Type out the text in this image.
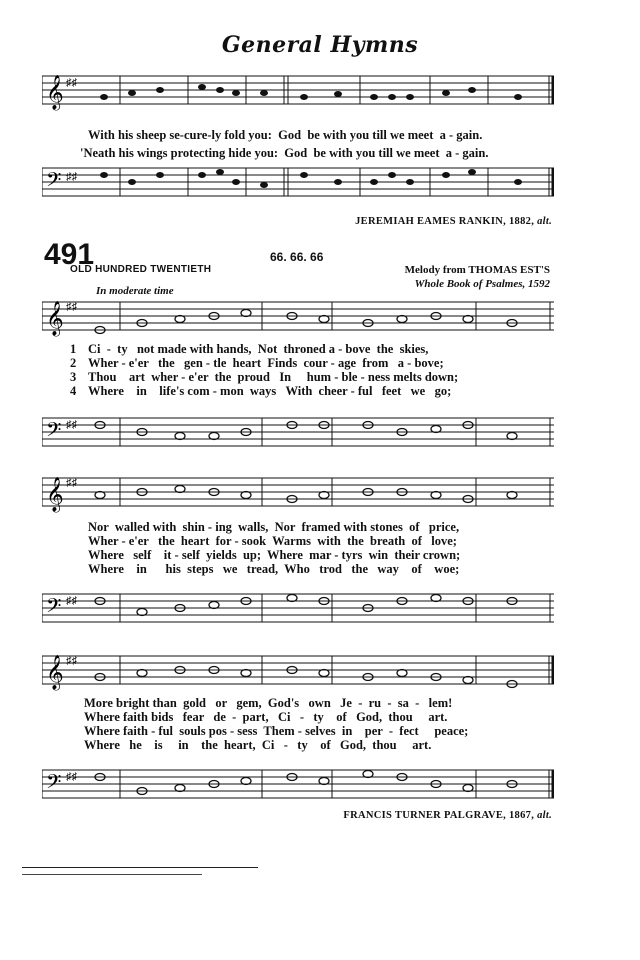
General Hymns
𝄞 ♯♯
With his sheep se-cure-ly fold you:  God  be with you till we meet  a - gain.
'Neath his wings protecting hide you:  God  be with you till we meet  a - gain.
𝄢 ♯♯
JEREMIAH EAMES RANKIN, 1882, alt.
491	66. 66. 66
OLD HUNDRED TWENTIETH	Melody from THOMAS EST'S
Whole Book of Psalmes, 1592
In moderate time
𝄞 ♯♯
1 Ci  -  ty   not made with hands,  Not  throned a - bove  the  skies,
2 Wher - e'er   the   gen - tle  heart  Finds  cour - age  from   a - bove;
3 Thou    art  wher - e'er  the  proud   In     hum - ble - ness melts down;
4 Where    in    life's com - mon  ways   With  cheer - ful   feet   we   go;
𝄢 ♯♯
𝄞 ♯♯
Nor  walled with  shin - ing  walls,  Nor  framed with stones  of   price,
Wher - e'er   the  heart  for - sook  Warms  with  the  breath  of   love;
Where   self    it - self  yields  up;  Where  mar - tyrs  win  their crown;
Where    in      his  steps   we   tread,  Who   trod   the   way    of    woe;
𝄢 ♯♯
𝄞 ♯♯
More bright than  gold   or   gem,  God's   own   Je  -  ru  -  sa  -   lem!
Where faith bids   fear   de  -  part,   Ci   -   ty    of   God,  thou     art.
Where faith - ful  souls pos - sess  Them - selves  in    per  -  fect     peace;
Where   he    is     in    the  heart,  Ci   -   ty    of   God,  thou     art.
𝄢 ♯♯
FRANCIS TURNER PALGRAVE, 1867, alt.
